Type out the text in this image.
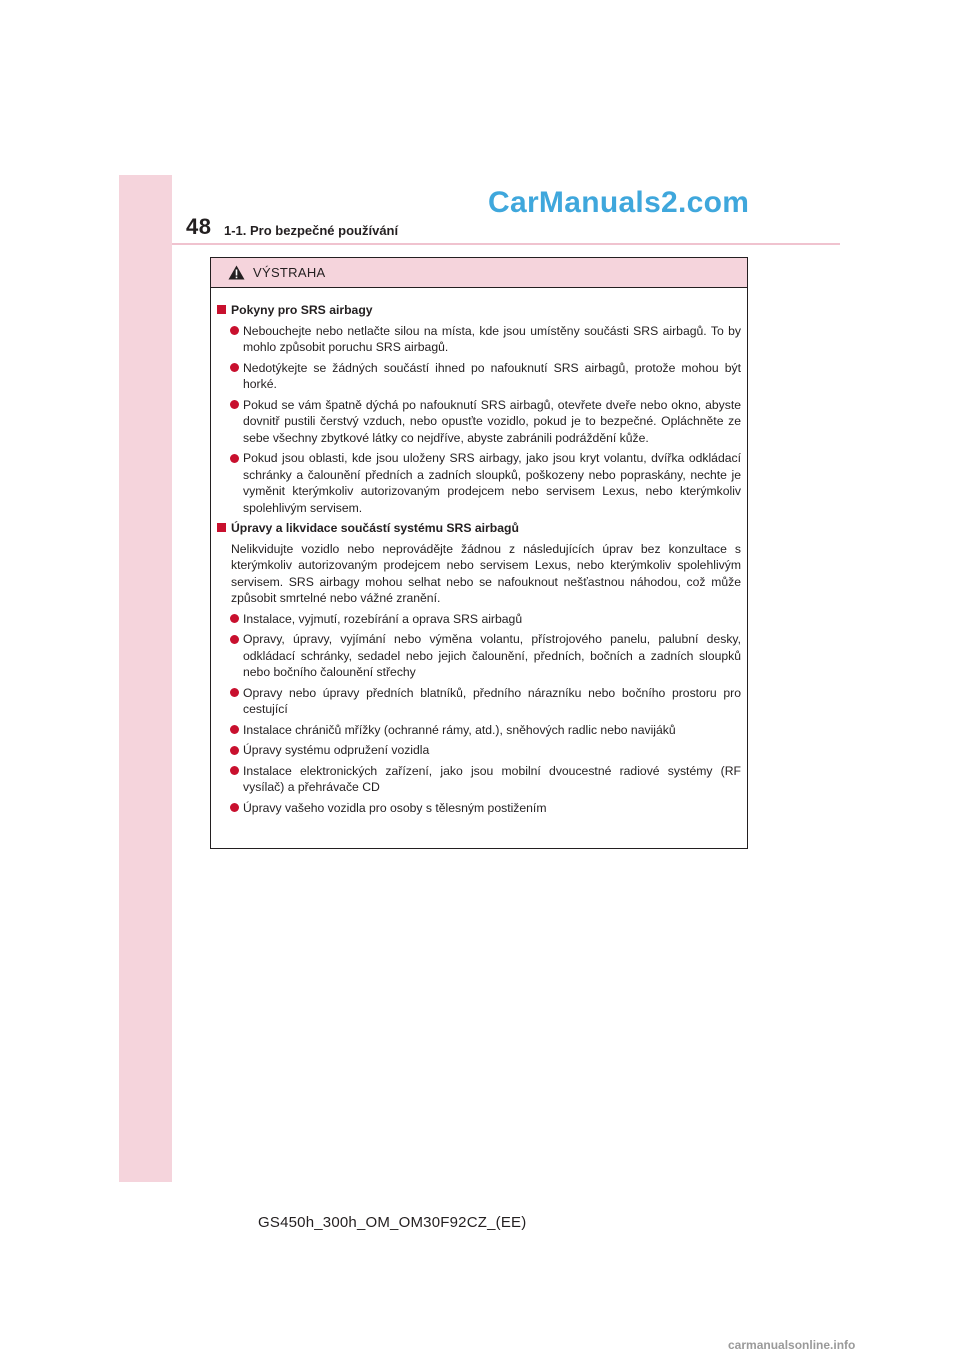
48 1-1. Pro bezpečné používání
CarManuals2.com
VÝSTRAHA
Pokyny pro SRS airbagy
Nebouchejte nebo netlačte silou na místa, kde jsou umístěny součásti SRS airbagů. To by mohlo způsobit poruchu SRS airbagů.
Nedotýkejte se žádných součástí ihned po nafouknutí SRS airbagů, protože mohou být horké.
Pokud se vám špatně dýchá po nafouknutí SRS airbagů, otevřete dveře nebo okno, abyste dovnitř pustili čerstvý vzduch, nebo opusťte vozidlo, pokud je to bezpečné. Opláchněte ze sebe všechny zbytkové látky co nejdříve, abyste zabránili podráždění kůže.
Pokud jsou oblasti, kde jsou uloženy SRS airbagy, jako jsou kryt volantu, dvířka odkládací schránky a čalounění předních a zadních sloupků, poškozeny nebo popraskány, nechte je vyměnit kterýmkoliv autorizovaným prodejcem nebo servisem Lexus, nebo kterýmkoliv spolehlivým servisem.
Úpravy a likvidace součástí systému SRS airbagů
Nelikvidujte vozidlo nebo neprovádějte žádnou z následujících úprav bez konzultace s kterýmkoliv autorizovaným prodejcem nebo servisem Lexus, nebo kterýmkoliv spolehlivým servisem. SRS airbagy mohou selhat nebo se nafouknout nešťastnou náhodou, což může způsobit smrtelné nebo vážné zranění.
Instalace, vyjmutí, rozebírání a oprava SRS airbagů
Opravy, úpravy, vyjímání nebo výměna volantu, přístrojového panelu, palubní desky, odkládací schránky, sedadel nebo jejich čalounění, předních, bočních a zadních sloupků nebo bočního čalounění střechy
Opravy nebo úpravy předních blatníků, předního nárazníku nebo bočního prostoru pro cestující
Instalace chráničů mřížky (ochranné rámy, atd.), sněhových radlic nebo navijáků
Úpravy systému odpružení vozidla
Instalace elektronických zařízení, jako jsou mobilní dvoucestné radiové systémy (RF vysílač) a přehrávače CD
Úpravy vašeho vozidla pro osoby s tělesným postižením
GS450h_300h_OM_OM30F92CZ_(EE)
carmanualsonline.info
